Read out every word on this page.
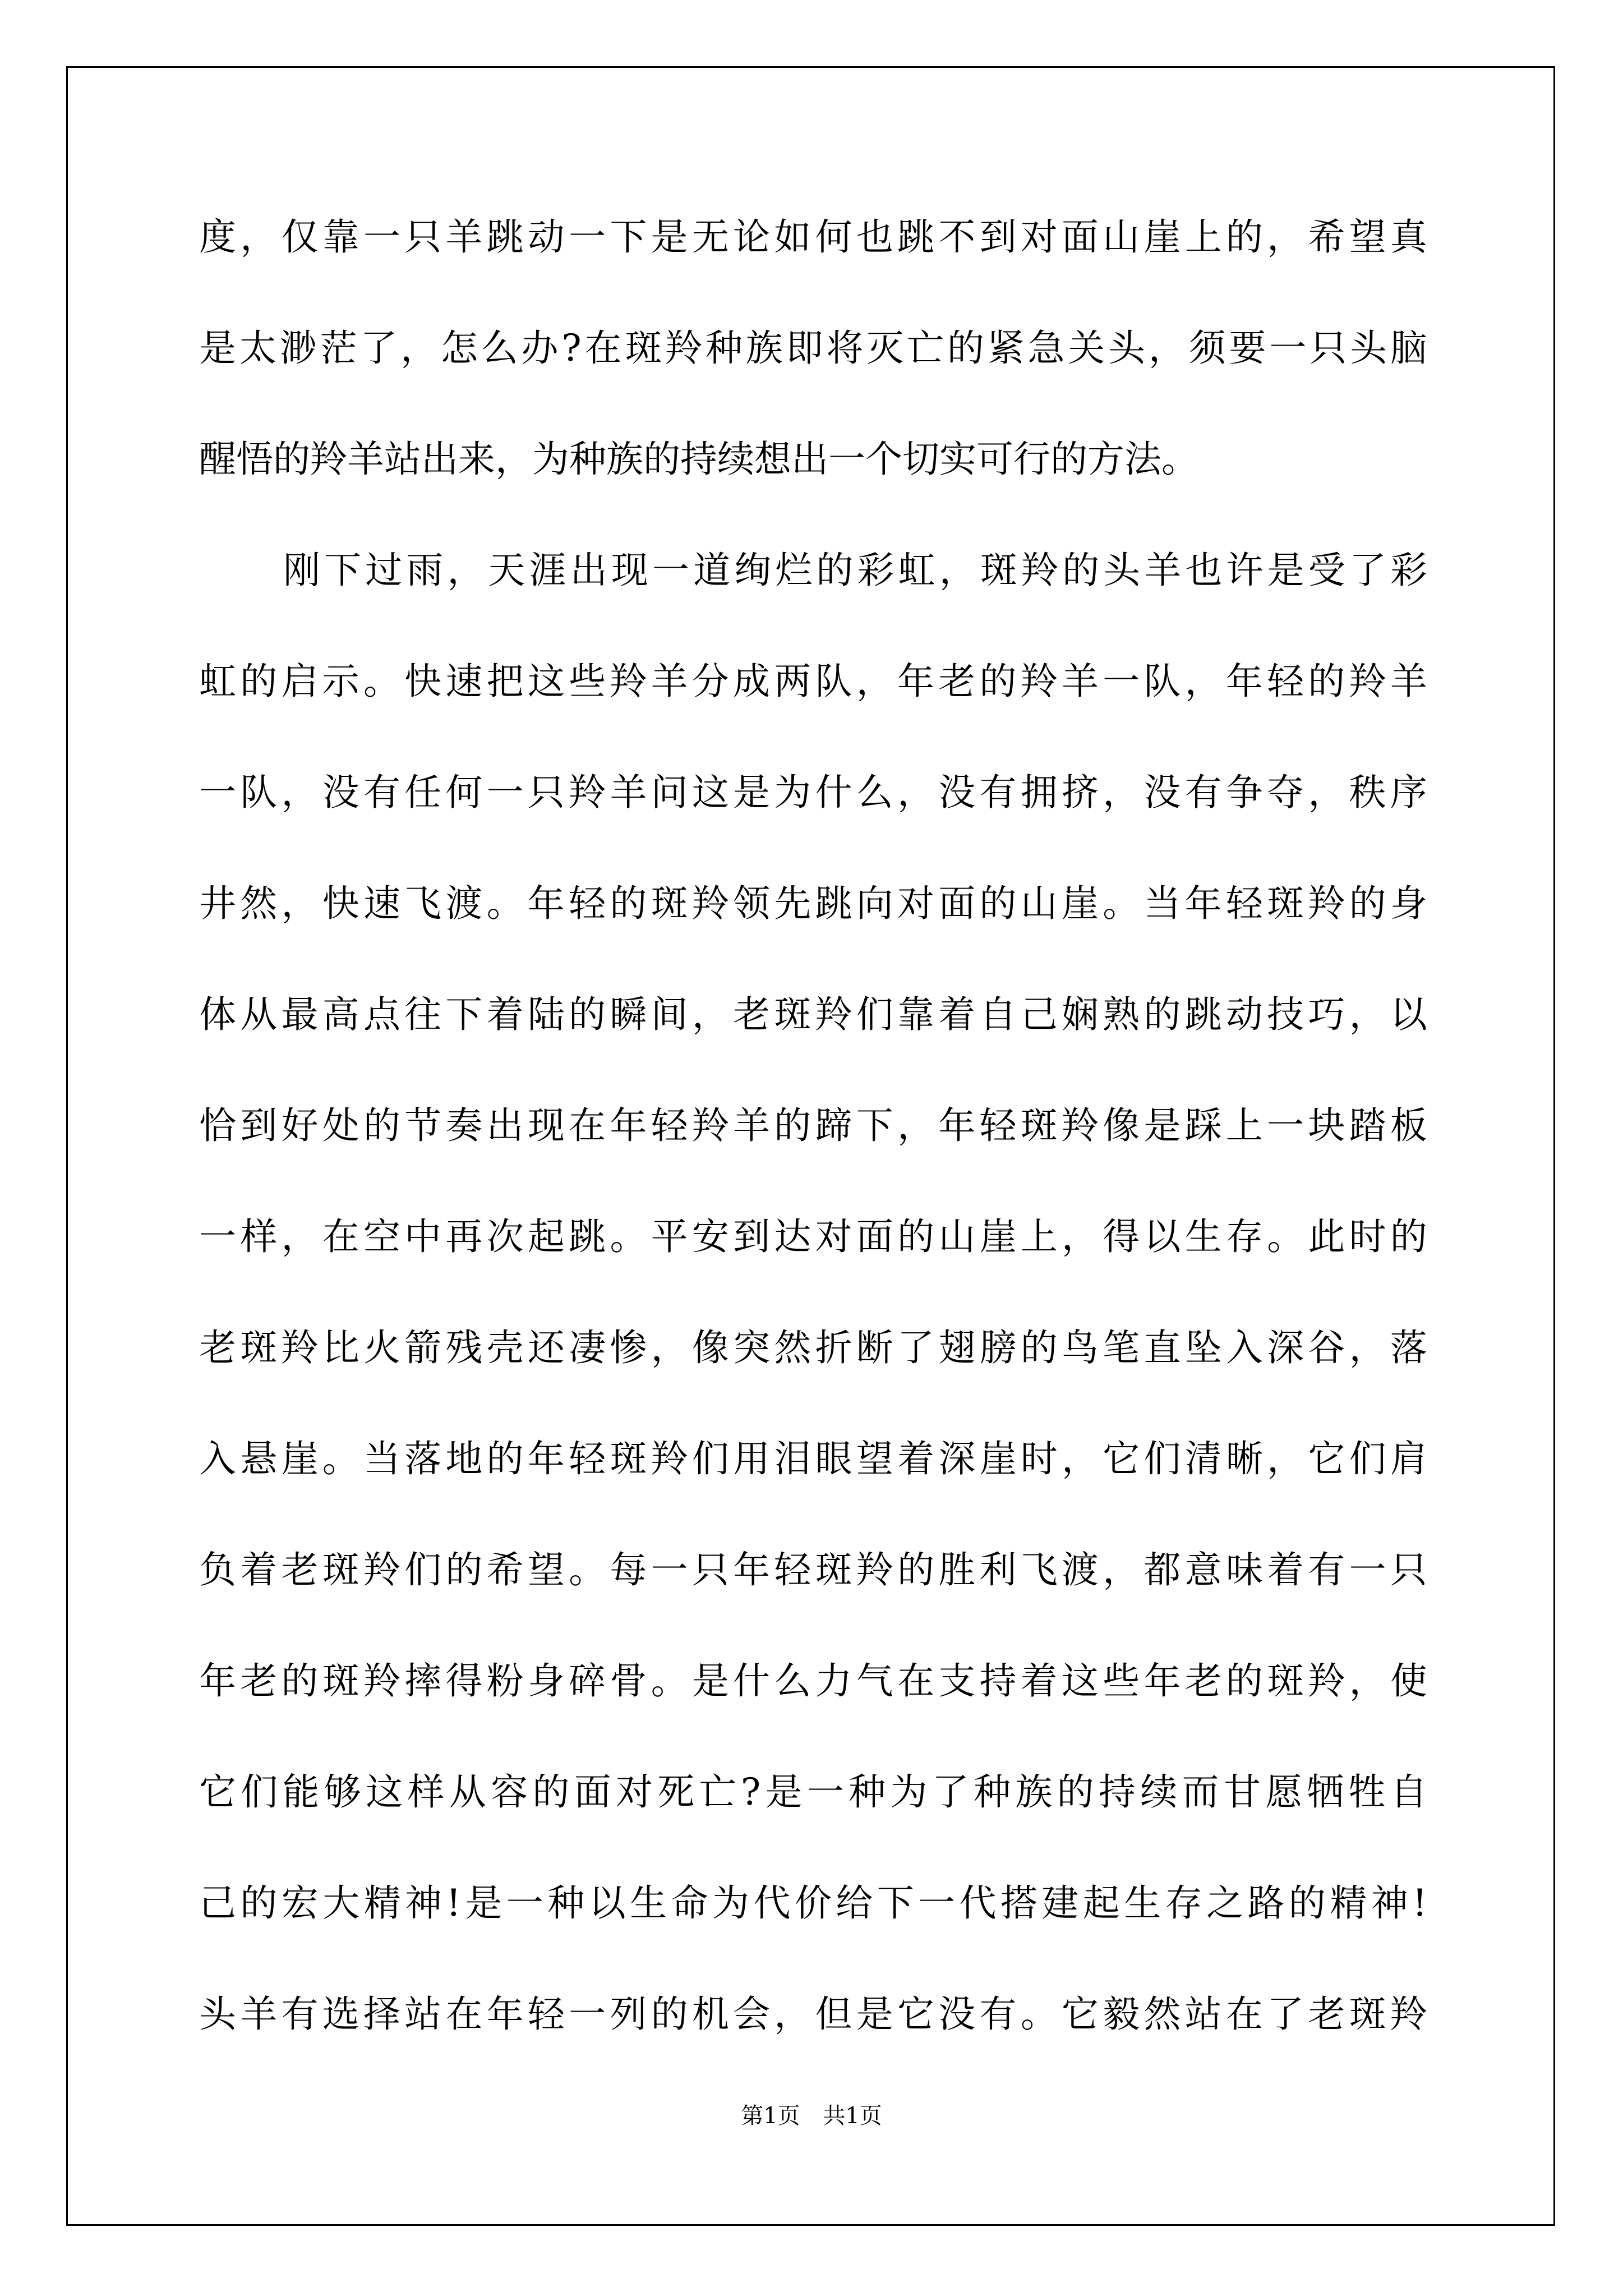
度 ， 仅 靠 一 只 羊 跳 动 一 下 是 无 论 如 何 也 跳 不 到 对 面 山 崖 上 的 ， 希 望 真
是 太 渺 茫 了 ， 怎 么 办 ? 在 斑 羚 种 族 即 将 灭 亡 的 紧 急 关 头 ， 须 要 一 只 头 脑
醒 悟 的 羚 羊 站 出 来 ， 为 种 族 的 持 续 想 出 一 个 切 实 可 行 的 方 法 。
刚 下 过 雨 ， 天 涯 出 现 一 道 绚 烂 的 彩 虹 ， 斑 羚 的 头 羊 也 许 是 受 了 彩
虹 的 启 示 。 快 速 把 这 些 羚 羊 分 成 两 队 ， 年 老 的 羚 羊 一 队 ， 年 轻 的 羚 羊
一 队 ， 没 有 任 何 一 只 羚 羊 问 这 是 为 什 么 ， 没 有 拥 挤 ， 没 有 争 夺 ， 秩 序
井 然 ， 快 速 飞 渡 。 年 轻 的 斑 羚 领 先 跳 向 对 面 的 山 崖 。 当 年 轻 斑 羚 的 身
体 从 最 高 点 往 下 着 陆 的 瞬 间 ， 老 斑 羚 们 靠 着 自 己 娴 熟 的 跳 动 技 巧 ， 以
恰 到 好 处 的 节 奏 出 现 在 年 轻 羚 羊 的 蹄 下 ， 年 轻 斑 羚 像 是 踩 上 一 块 踏 板
一 样 ， 在 空 中 再 次 起 跳 。 平 安 到 达 对 面 的 山 崖 上 ， 得 以 生 存 。 此 时 的
老 斑 羚 比 火 箭 残 壳 还 凄 惨 ， 像 突 然 折 断 了 翅 膀 的 鸟 笔 直 坠 入 深 谷 ， 落
入 悬 崖 。 当 落 地 的 年 轻 斑 羚 们 用 泪 眼 望 着 深 崖 时 ， 它 们 清 晰 ， 它 们 肩
负 着 老 斑 羚 们 的 希 望 。 每 一 只 年 轻 斑 羚 的 胜 利 飞 渡 ， 都 意 味 着 有 一 只
年 老 的 斑 羚 摔 得 粉 身 碎 骨 。 是 什 么 力 气 在 支 持 着 这 些 年 老 的 斑 羚 ， 使
它 们 能 够 这 样 从 容 的 面 对 死 亡 ? 是 一 种 为 了 种 族 的 持 续 而 甘 愿 牺 牲 自
己 的 宏 大 精 神 ! 是 一 种 以 生 命 为 代 价 给 下 一 代 搭 建 起 生 存 之 路 的 精 神 !
头 羊 有 选 择 站 在 年 轻 一 列 的 机 会 ， 但 是 它 没 有 。 它 毅 然 站 在 了 老 斑 羚
第1页 共1页
